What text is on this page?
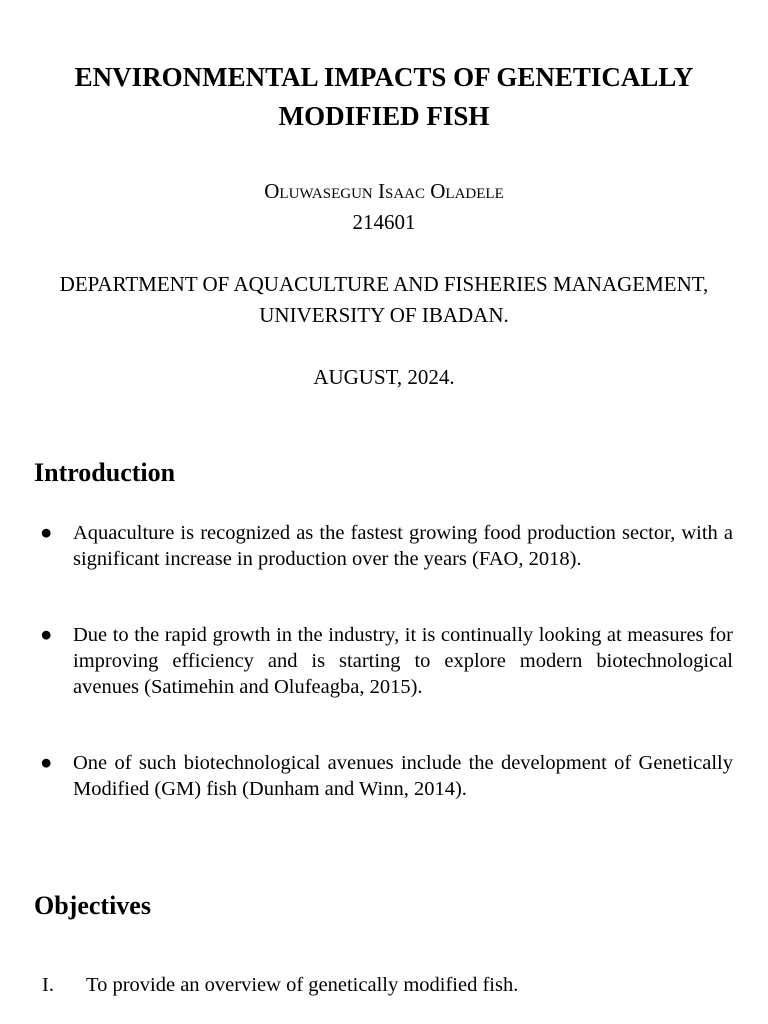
ENVIRONMENTAL IMPACTS OF GENETICALLY
MODIFIED FISH
Oluwasegun Isaac Oladele
214601
DEPARTMENT OF AQUACULTURE AND FISHERIES MANAGEMENT,
UNIVERSITY OF IBADAN.
AUGUST, 2024.
Introduction
●	Aquaculture is recognized as the fastest growing food production sector, with a significant increase in production over the years (FAO, 2018).
●	Due to the rapid growth in the industry, it is continually looking at measures for improving efficiency and is starting to explore modern biotechnological avenues (Satimehin and Olufeagba, 2015).
●	One of such biotechnological avenues include the development of Genetically Modified (GM) fish (Dunham and Winn, 2014).
Objectives
I. To provide an overview of genetically modified fish.
